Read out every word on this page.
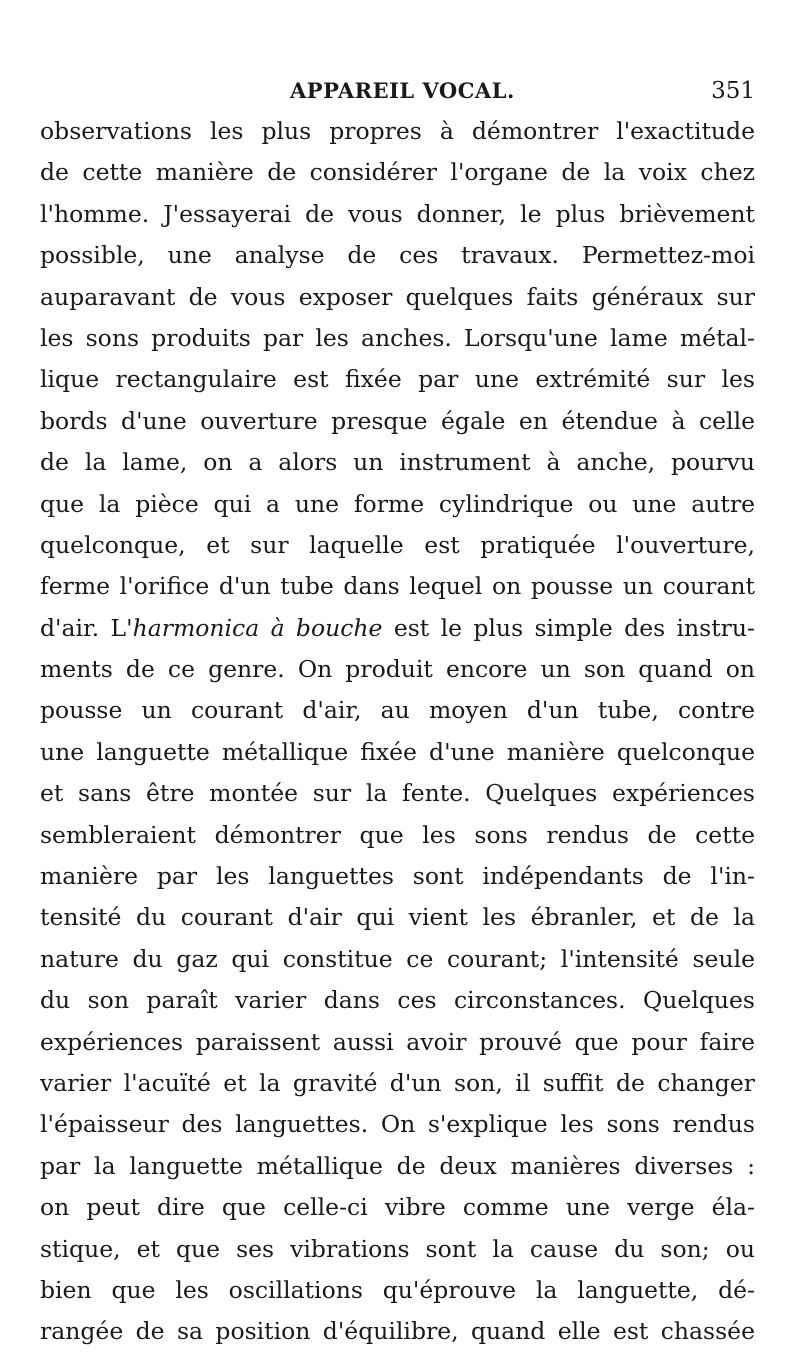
APPAREIL VOCAL.	351
observations les plus propres à démontrer l'exactitude
de cette manière de considérer l'organe de la voix chez
l'homme. J'essayerai de vous donner, le plus brièvement
possible, une analyse de ces travaux. Permettez-moi
auparavant de vous exposer quelques faits généraux sur
les sons produits par les anches. Lorsqu'une lame métal-
lique rectangulaire est fixée par une extrémité sur les
bords d'une ouverture presque égale en étendue à celle
de la lame, on a alors un instrument à anche, pourvu
que la pièce qui a une forme cylindrique ou une autre
quelconque, et sur laquelle est pratiquée l'ouverture,
ferme l'orifice d'un tube dans lequel on pousse un courant
d'air. L'harmonica à bouche est le plus simple des instru-
ments de ce genre. On produit encore un son quand on
pousse un courant d'air, au moyen d'un tube, contre
une languette métallique fixée d'une manière quelconque
et sans être montée sur la fente. Quelques expériences
sembleraient démontrer que les sons rendus de cette
manière par les languettes sont indépendants de l'in-
tensité du courant d'air qui vient les ébranler, et de la
nature du gaz qui constitue ce courant; l'intensité seule
du son paraît varier dans ces circonstances. Quelques
expériences paraissent aussi avoir prouvé que pour faire
varier l'acuïté et la gravité d'un son, il suffit de changer
l'épaisseur des languettes. On s'explique les sons rendus
par la languette métallique de deux manières diverses :
on peut dire que celle-ci vibre comme une verge éla-
stique, et que ses vibrations sont la cause du son; ou
bien que les oscillations qu'éprouve la languette, dé-
rangée de sa position d'équilibre, quand elle est chassée
